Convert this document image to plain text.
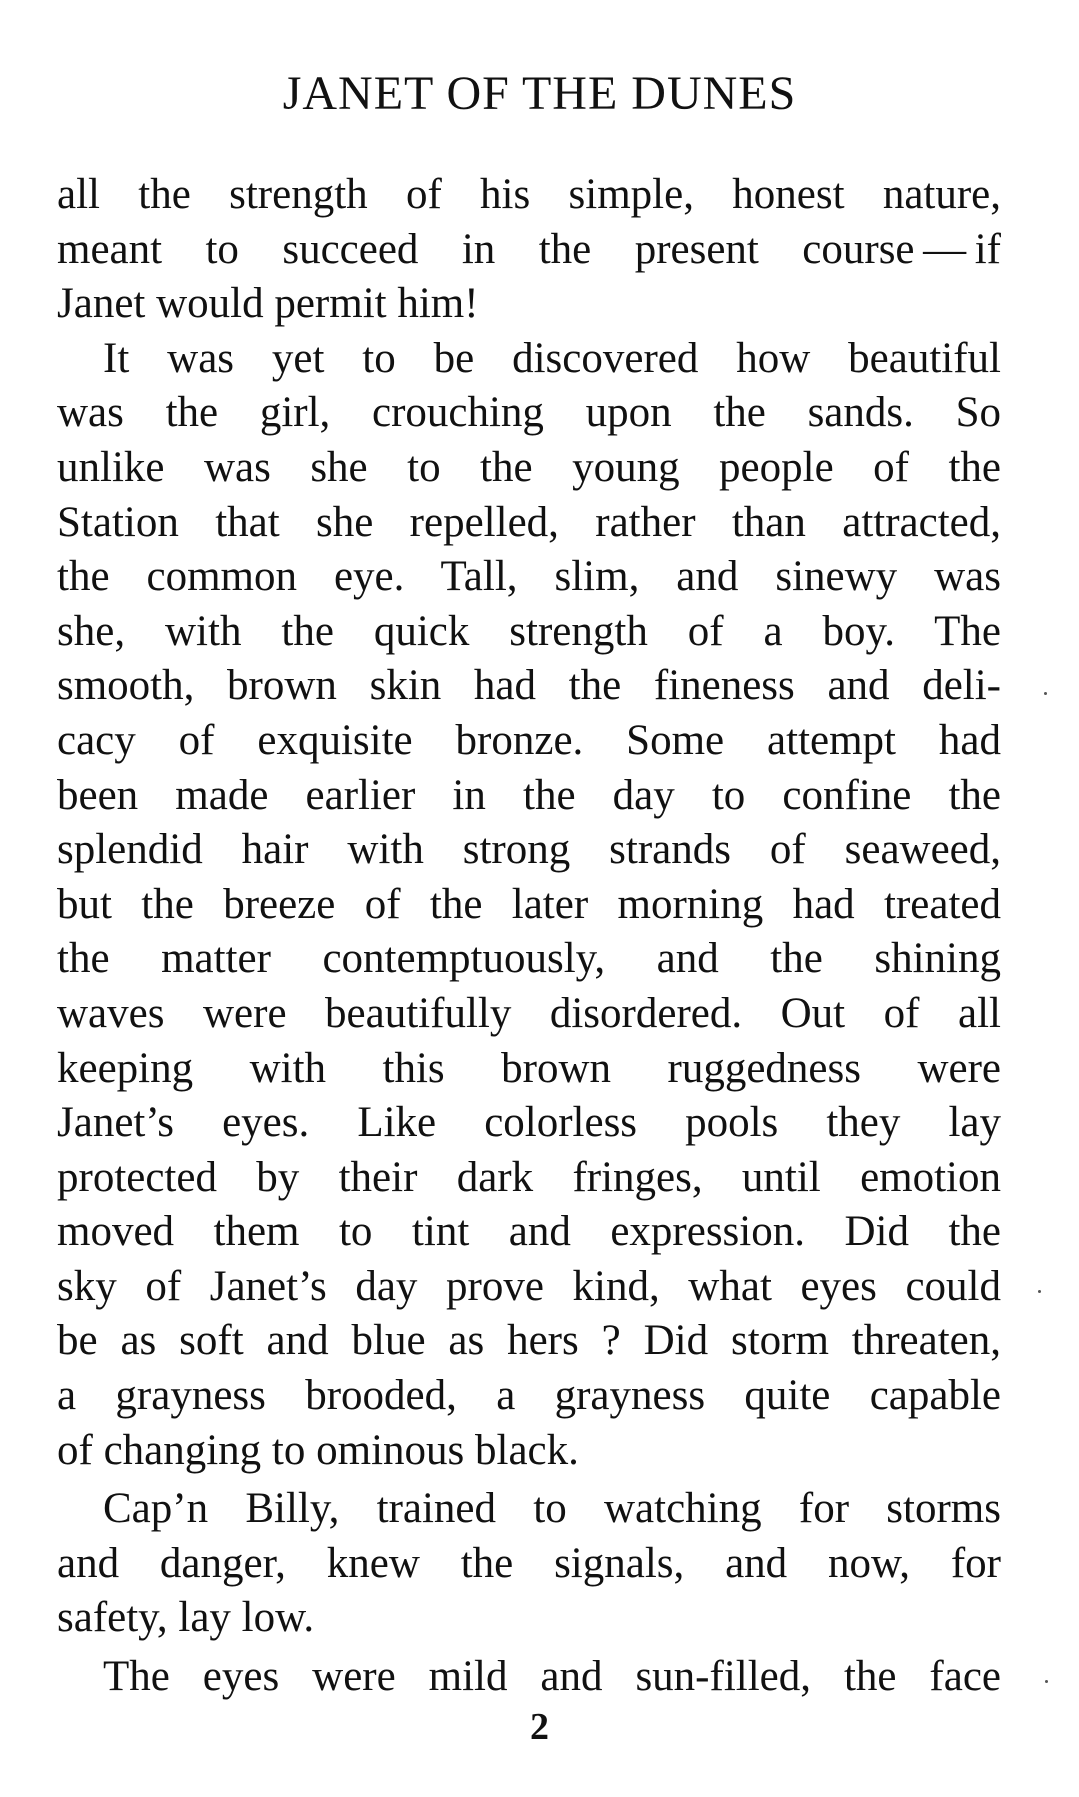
JANET OF THE DUNES
all the strength of his simple, honest nature,
meant to succeed in the present course — if
Janet would permit him!
It was yet to be discovered how beautiful
was the girl, crouching upon the sands. So
unlike was she to the young people of the
Station that she repelled, rather than attracted,
the common eye. Tall, slim, and sinewy was
she, with the quick strength of a boy. The
smooth, brown skin had the fineness and deli-
cacy of exquisite bronze. Some attempt had
been made earlier in the day to confine the
splendid hair with strong strands of seaweed,
but the breeze of the later morning had treated
the matter contemptuously, and the shining
waves were beautifully disordered. Out of all
keeping with this brown ruggedness were
Janet’s eyes. Like colorless pools they lay
protected by their dark fringes, until emotion
moved them to tint and expression. Did the
sky of Janet’s day prove kind, what eyes could
be as soft and blue as hers ? Did storm threaten,
a grayness brooded, a grayness quite capable
of changing to ominous black.
Cap’n Billy, trained to watching for storms
and danger, knew the signals, and now, for
safety, lay low.
The eyes were mild and sun-filled, the face
2
